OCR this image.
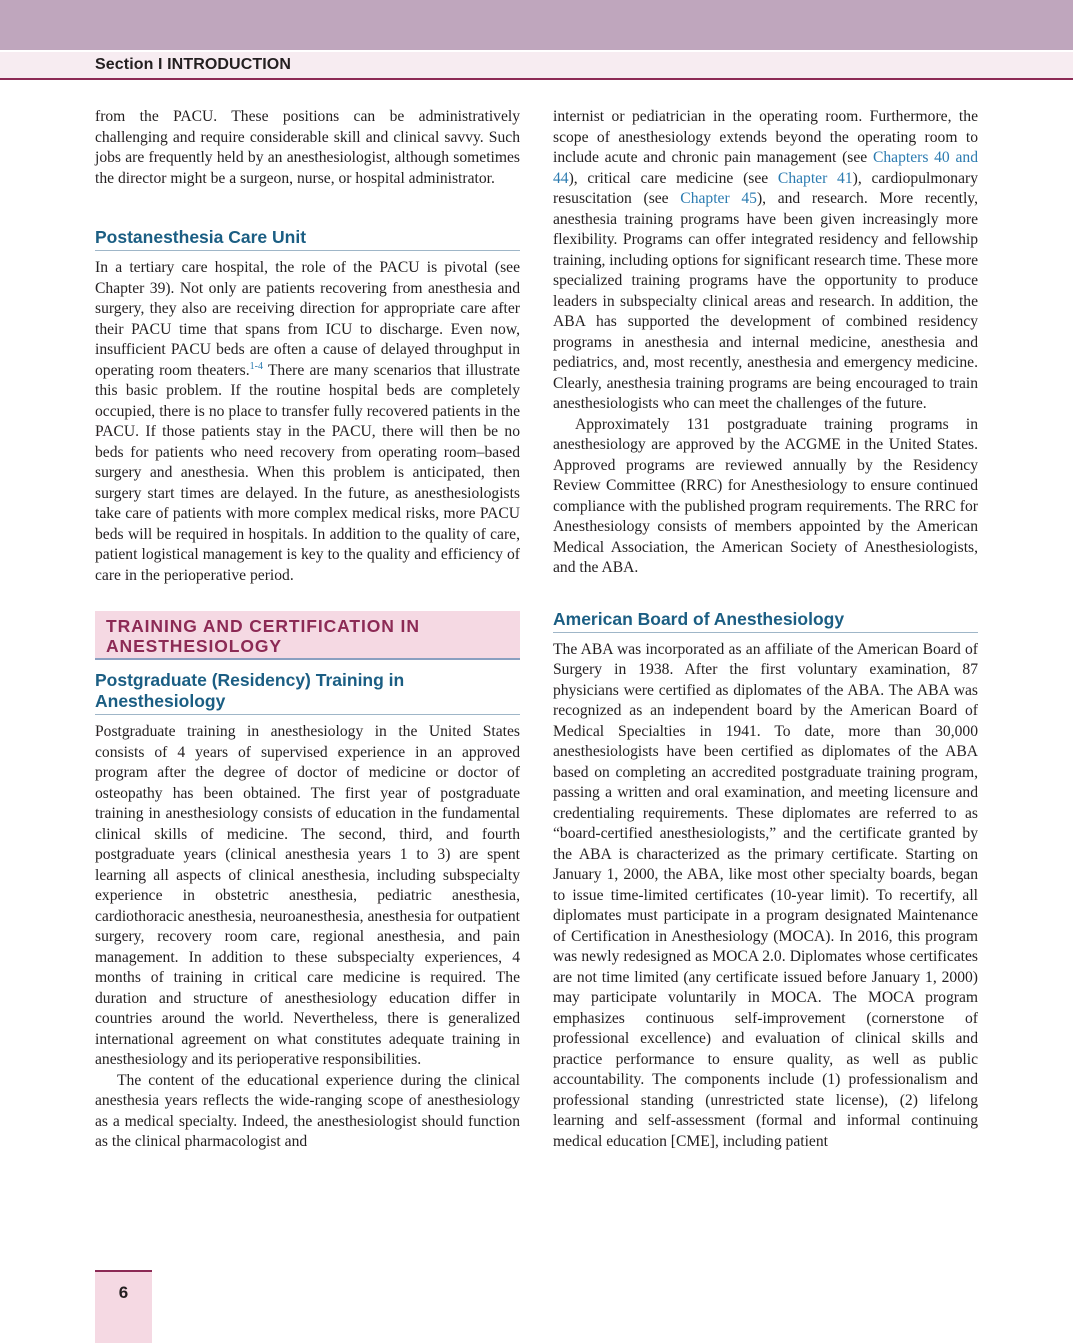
Section I INTRODUCTION

from the PACU. These positions can be administratively challenging and require considerable skill and clinical savvy. Such jobs are frequently held by an anesthesiologist, although sometimes the director might be a surgeon, nurse, or hospital administrator.

Postanesthesia Care Unit

In a tertiary care hospital, the role of the PACU is pivotal (see Chapter 39). Not only are patients recovering from anesthesia and surgery, they also are receiving direction for appropriate care after their PACU time that spans from ICU to discharge. Even now, insufficient PACU beds are often a cause of delayed throughput in operating room theaters.$^{1-4}$ There are many scenarios that illustrate this basic problem. If the routine hospital beds are completely occupied, there is no place to transfer fully recovered patients in the PACU. If those patients stay in the PACU, there will then be no beds for patients who need recovery from operating room–based surgery and anesthesia. When this problem is anticipated, then surgery start times are delayed. In the future, as anesthesiologists take care of patients with more complex medical risks, more PACU beds will be required in hospitals. In addition to the quality of care, patient logistical management is key to the quality and efficiency of care in the perioperative period.

TRAINING AND CERTIFICATION IN ANESTHESIOLOGY
Postgraduate (Residency) Training in Anesthesiology

Postgraduate training in anesthesiology in the United States consists of 4 years of supervised experience in an approved program after the degree of doctor of medicine or doctor of osteopathy has been obtained. The first year of postgraduate training in anesthesiology consists of education in the fundamental clinical skills of medicine. The second, third, and fourth postgraduate years (clinical anesthesia years 1 to 3) are spent learning all aspects of clinical anesthesia, including subspecialty experience in obstetric anesthesia, pediatric anesthesia, cardiothoracic anesthesia, neuroanesthesia, anesthesia for outpatient surgery, recovery room care, regional anesthesia, and pain management. In addition to these subspecialty experiences, 4 months of training in critical care medicine is required. The duration and structure of anesthesiology education differ in countries around the world. Nevertheless, there is generalized international agreement on what constitutes adequate training in anesthesiology and its perioperative responsibilities.

The content of the educational experience during the clinical anesthesia years reflects the wide-ranging scope of anesthesiology as a medical specialty. Indeed, the anesthesiologist should function as the clinical pharmacologist and

internist or pediatrician in the operating room. Furthermore, the scope of anesthesiology extends beyond the operating room to include acute and chronic pain management (see Chapters 40 and 44), critical care medicine (see Chapter 41), cardiopulmonary resuscitation (see Chapter 45), and research. More recently, anesthesia training programs have been given increasingly more flexibility. Programs can offer integrated residency and fellowship training, including options for significant research time. These more specialized training programs have the opportunity to produce leaders in subspecialty clinical areas and research. In addition, the ABA has supported the development of combined residency programs in anesthesia and internal medicine, anesthesia and pediatrics, and, most recently, anesthesia and emergency medicine. Clearly, anesthesia training programs are being encouraged to train anesthesiologists who can meet the challenges of the future.

Approximately 131 postgraduate training programs in anesthesiology are approved by the ACGME in the United States. Approved programs are reviewed annually by the Residency Review Committee (RRC) for Anesthesiology to ensure continued compliance with the published program requirements. The RRC for Anesthesiology consists of members appointed by the American Medical Association, the American Society of Anesthesiologists, and the ABA.

American Board of Anesthesiology

The ABA was incorporated as an affiliate of the American Board of Surgery in 1938. After the first voluntary examination, 87 physicians were certified as diplomates of the ABA. The ABA was recognized as an independent board by the American Board of Medical Specialties in 1941. To date, more than 30,000 anesthesiologists have been certified as diplomates of the ABA based on completing an accredited postgraduate training program, passing a written and oral examination, and meeting licensure and credentialing requirements. These diplomates are referred to as “board-certified anesthesiologists,” and the certificate granted by the ABA is characterized as the primary certificate. Starting on January 1, 2000, the ABA, like most other specialty boards, began to issue time-limited certificates (10-year limit). To recertify, all diplomates must participate in a program designated Maintenance of Certification in Anesthesiology (MOCA). In 2016, this program was newly redesigned as MOCA 2.0. Diplomates whose certificates are not time limited (any certificate issued before January 1, 2000) may participate voluntarily in MOCA. The MOCA program emphasizes continuous self-improvement (cornerstone of professional excellence) and evaluation of clinical skills and practice performance to ensure quality, as well as public accountability. The components include (1) professionalism and professional standing (unrestricted state license), (2) lifelong learning and self-assessment (formal and informal continuing medical education [CME], including patient

6
